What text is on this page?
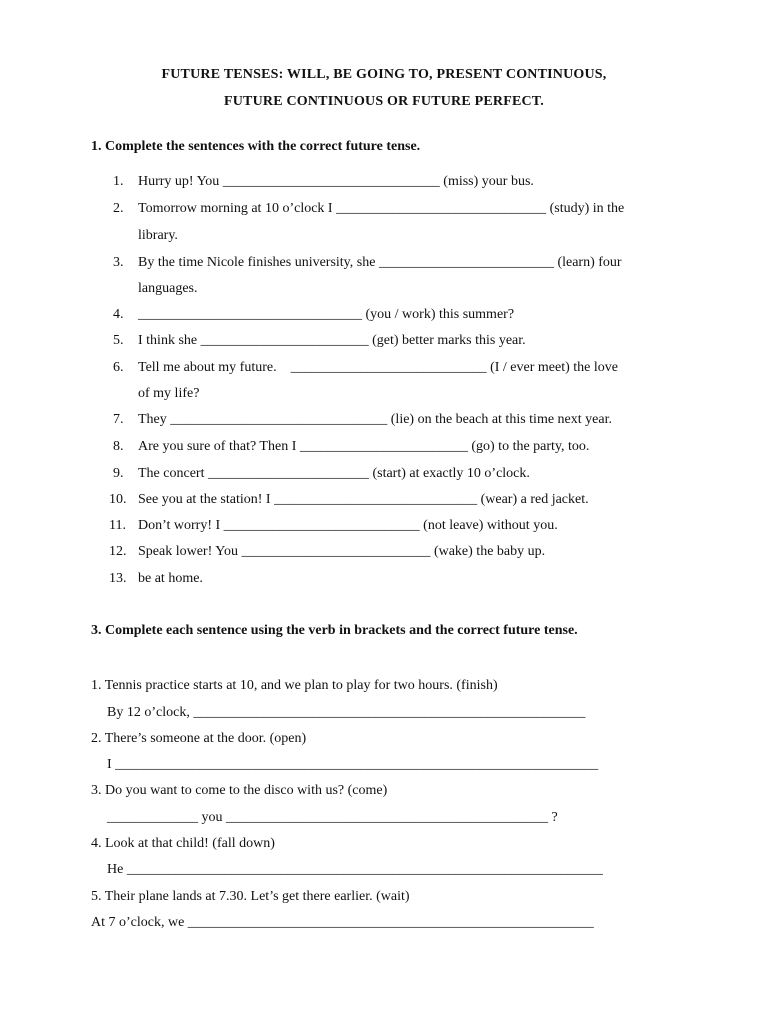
FUTURE TENSES: WILL, BE GOING TO, PRESENT CONTINUOUS,
FUTURE CONTINUOUS OR FUTURE PERFECT.
1. Complete the sentences with the correct future tense.
1. Hurry up! You _______________________________ (miss) your bus.
2. Tomorrow morning at 10 o’clock I ______________________________ (study) in the
library.
3. By the time Nicole finishes university, she _________________________ (learn) four
languages.
4. ________________________________ (you / work) this summer?
5. I think she ________________________ (get) better marks this year.
6. Tell me about my future.    ____________________________ (I / ever meet) the love
of my life?
7. They _______________________________ (lie) on the beach at this time next year.
8. Are you sure of that? Then I ________________________ (go) to the party, too.
9. The concert _______________________ (start) at exactly 10 o’clock.
10. See you at the station! I _____________________________ (wear) a red jacket.
11. Don’t worry! I ____________________________ (not leave) without you.
12. Speak lower! You ___________________________ (wake) the baby up.
13. be at home.
3. Complete each sentence using the verb in brackets and the correct future tense.
1. Tennis practice starts at 10, and we plan to play for two hours. (finish)
By 12 o’clock, ________________________________________________________
2. There’s someone at the door. (open)
I _____________________________________________________________________
3. Do you want to come to the disco with us? (come)
_____________ you ______________________________________________ ?
4. Look at that child! (fall down)
He ____________________________________________________________________
5. Their plane lands at 7.30. Let’s get there earlier. (wait)
At 7 o’clock, we __________________________________________________________
